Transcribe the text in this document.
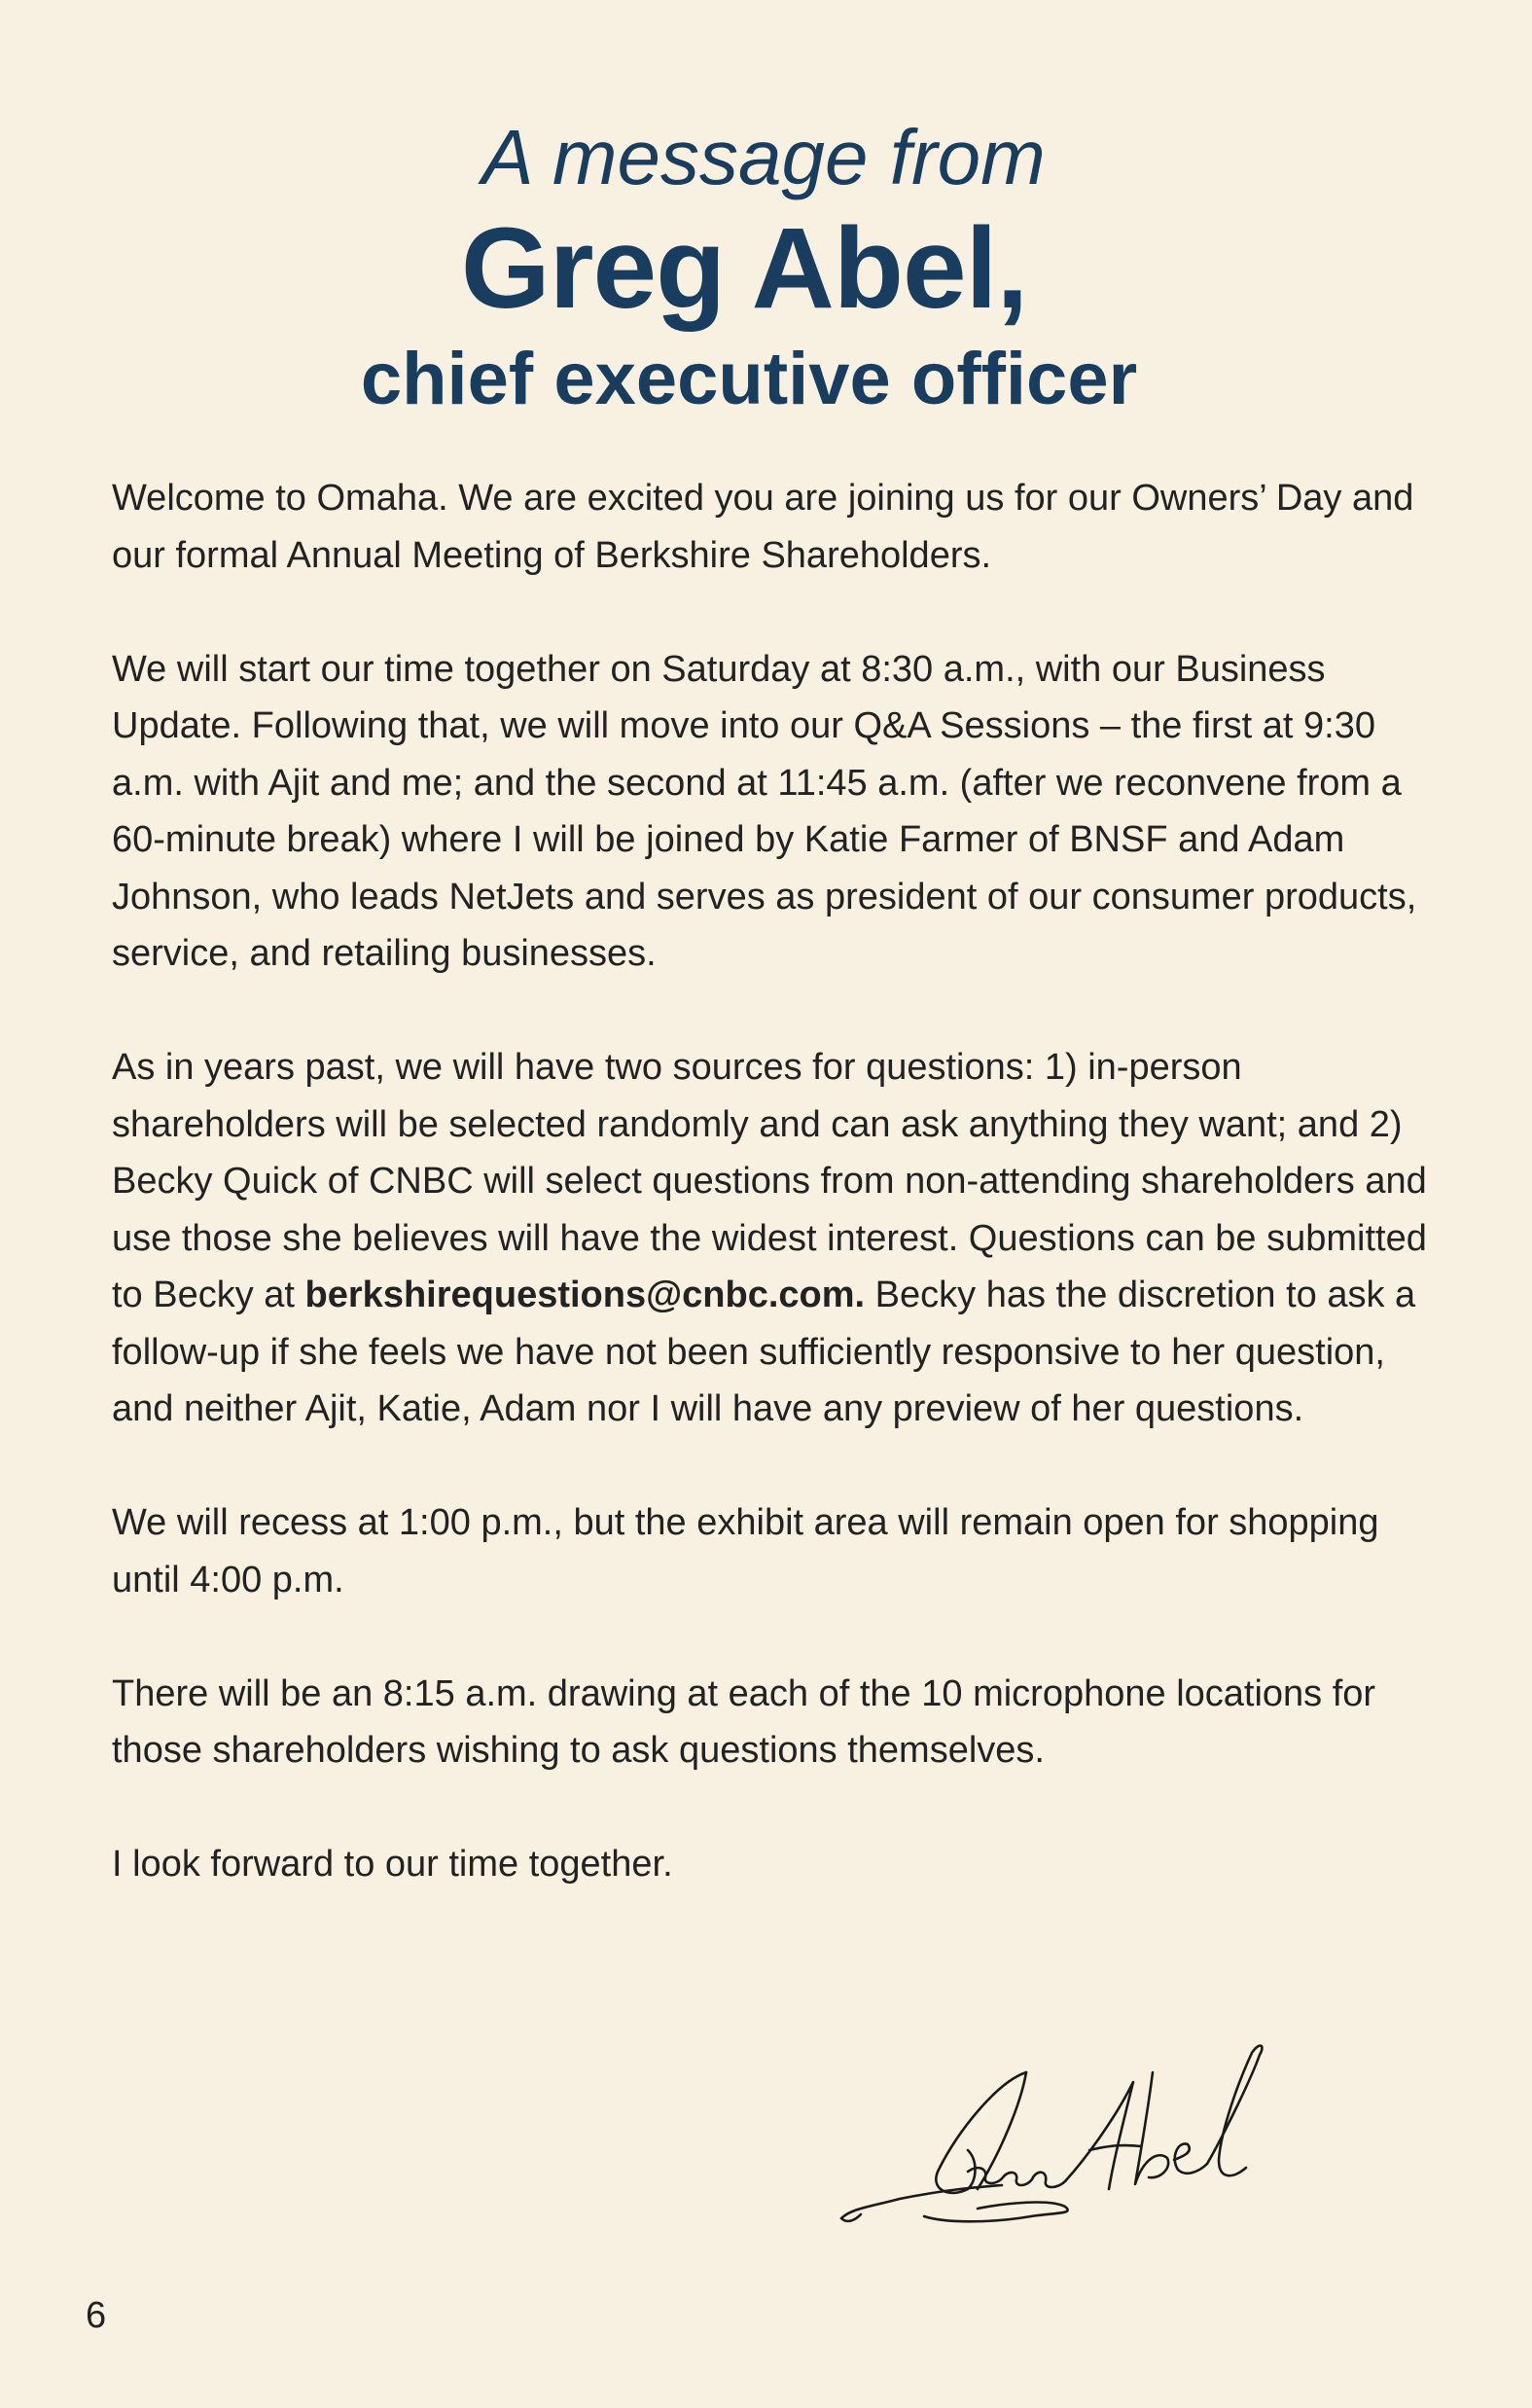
A message from
Greg Abel,
chief executive officer

Welcome to Omaha. We are excited you are joining us for our Owners’ Day and our formal Annual Meeting of Berkshire Shareholders.

We will start our time together on Saturday at 8:30 a.m., with our Business Update. Following that, we will move into our Q&A Sessions – the first at 9:30 a.m. with Ajit and me; and the second at 11:45 a.m. (after we reconvene from a 60-minute break) where I will be joined by Katie Farmer of BNSF and Adam Johnson, who leads NetJets and serves as president of our consumer products, service, and retailing businesses.

As in years past, we will have two sources for questions: 1) in-person shareholders will be selected randomly and can ask anything they want; and 2) Becky Quick of CNBC will select questions from non-attending shareholders and use those she believes will have the widest interest. Questions can be submitted to Becky at berkshirequestions@cnbc.com. Becky has the discretion to ask a follow-up if she feels we have not been sufficiently responsive to her question, and neither Ajit, Katie, Adam nor I will have any preview of her questions.

We will recess at 1:00 p.m., but the exhibit area will remain open for shopping until 4:00 p.m.

There will be an 8:15 a.m. drawing at each of the 10 microphone locations for those shareholders wishing to ask questions themselves.

I look forward to our time together.

6
